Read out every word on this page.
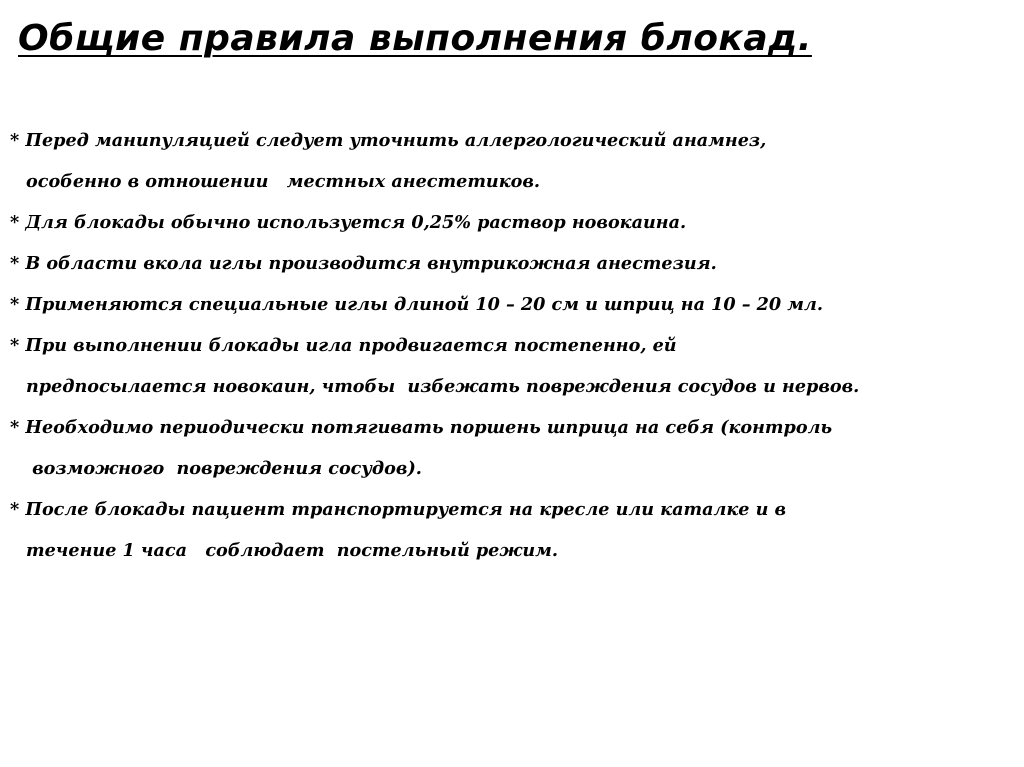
Общие правила выполнения блокад.
* Перед манипуляцией следует уточнить аллергологический анамнез,
особенно в отношении   местных анестетиков.
* Для блокады обычно используется 0,25% раствор новокаина.
* В области вкола иглы производится внутрикожная анестезия.
* Применяются специальные иглы длиной 10 – 20 см и шприц на 10 – 20 мл.
* При выполнении блокады игла продвигается постепенно, ей
предпосылается новокаин, чтобы  избежать повреждения сосудов и нервов.
* Необходимо периодически потягивать поршень шприца на себя (контроль
возможного  повреждения сосудов).
* После блокады пациент транспортируется на кресле или каталке и в
течение 1 часа   соблюдает  постельный режим.
